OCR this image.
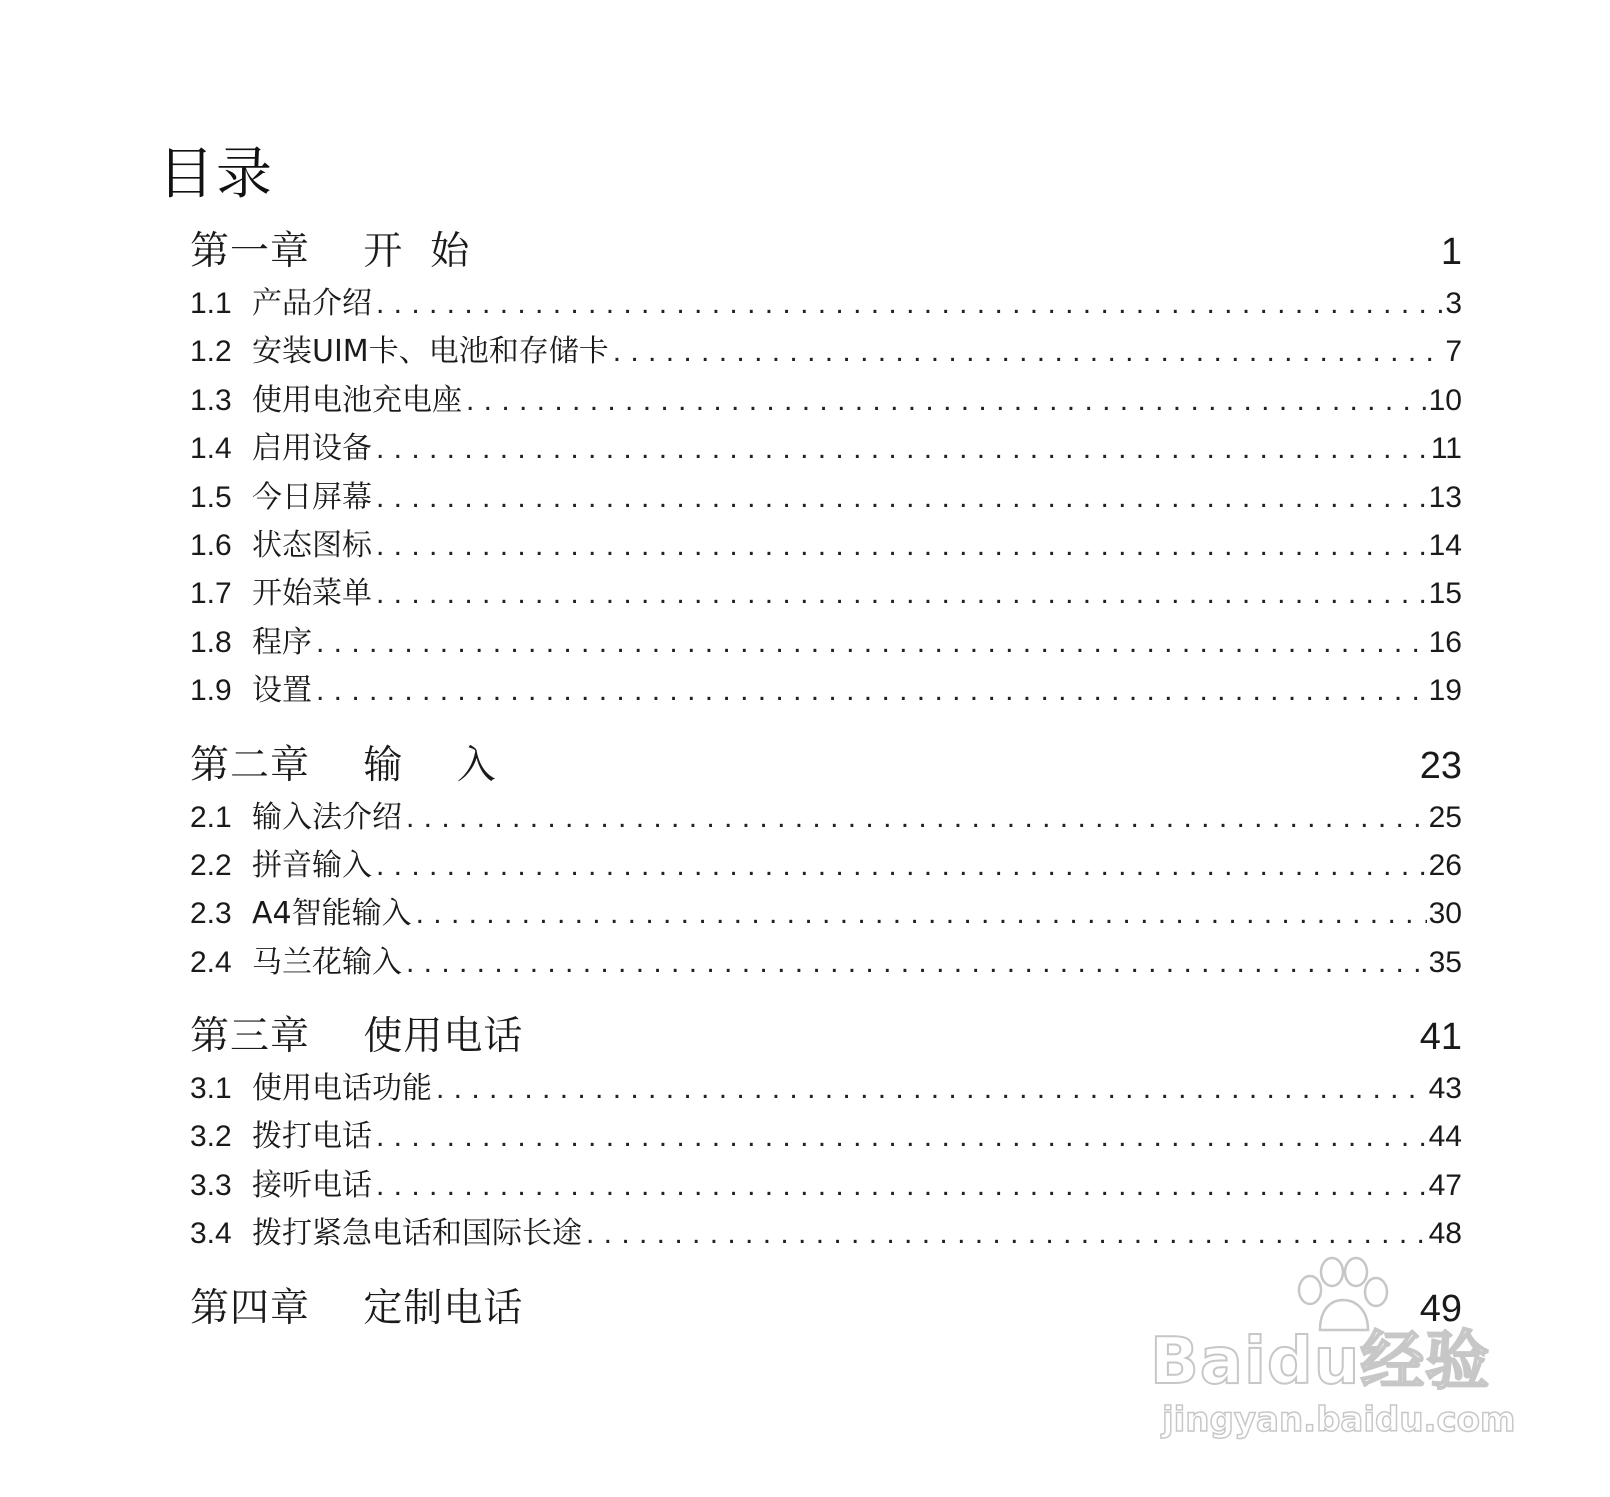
目录
第一章　 开  始	1
1.1 产品介绍 . . .	3
1.2 安装UIM卡、电池和存储卡 . . .	7
1.3 使用电池充电座 . . .	10
1.4 启用设备 . . .	11
1.5 今日屏幕 . . .	13
1.6 状态图标 . . .	14
1.7 开始菜单 . . .	15
1.8 程序 . . .	16
1.9 设置 . . .	19
第二章　 输　 入	23
2.1 输入法介绍 . . .	25
2.2 拼音输入 . . .	26
2.3 A4智能输入 . . .	30
2.4 马兰花输入 . . .	35
第三章　 使用电话	41
3.1 使用电话功能 . . .	43
3.2 拨打电话 . . .	44
3.3 接听电话 . . .	47
3.4 拨打紧急电话和国际长途 . . .	48
第四章　 定制电话	49
Baidu经验
jingyan.baidu.com
